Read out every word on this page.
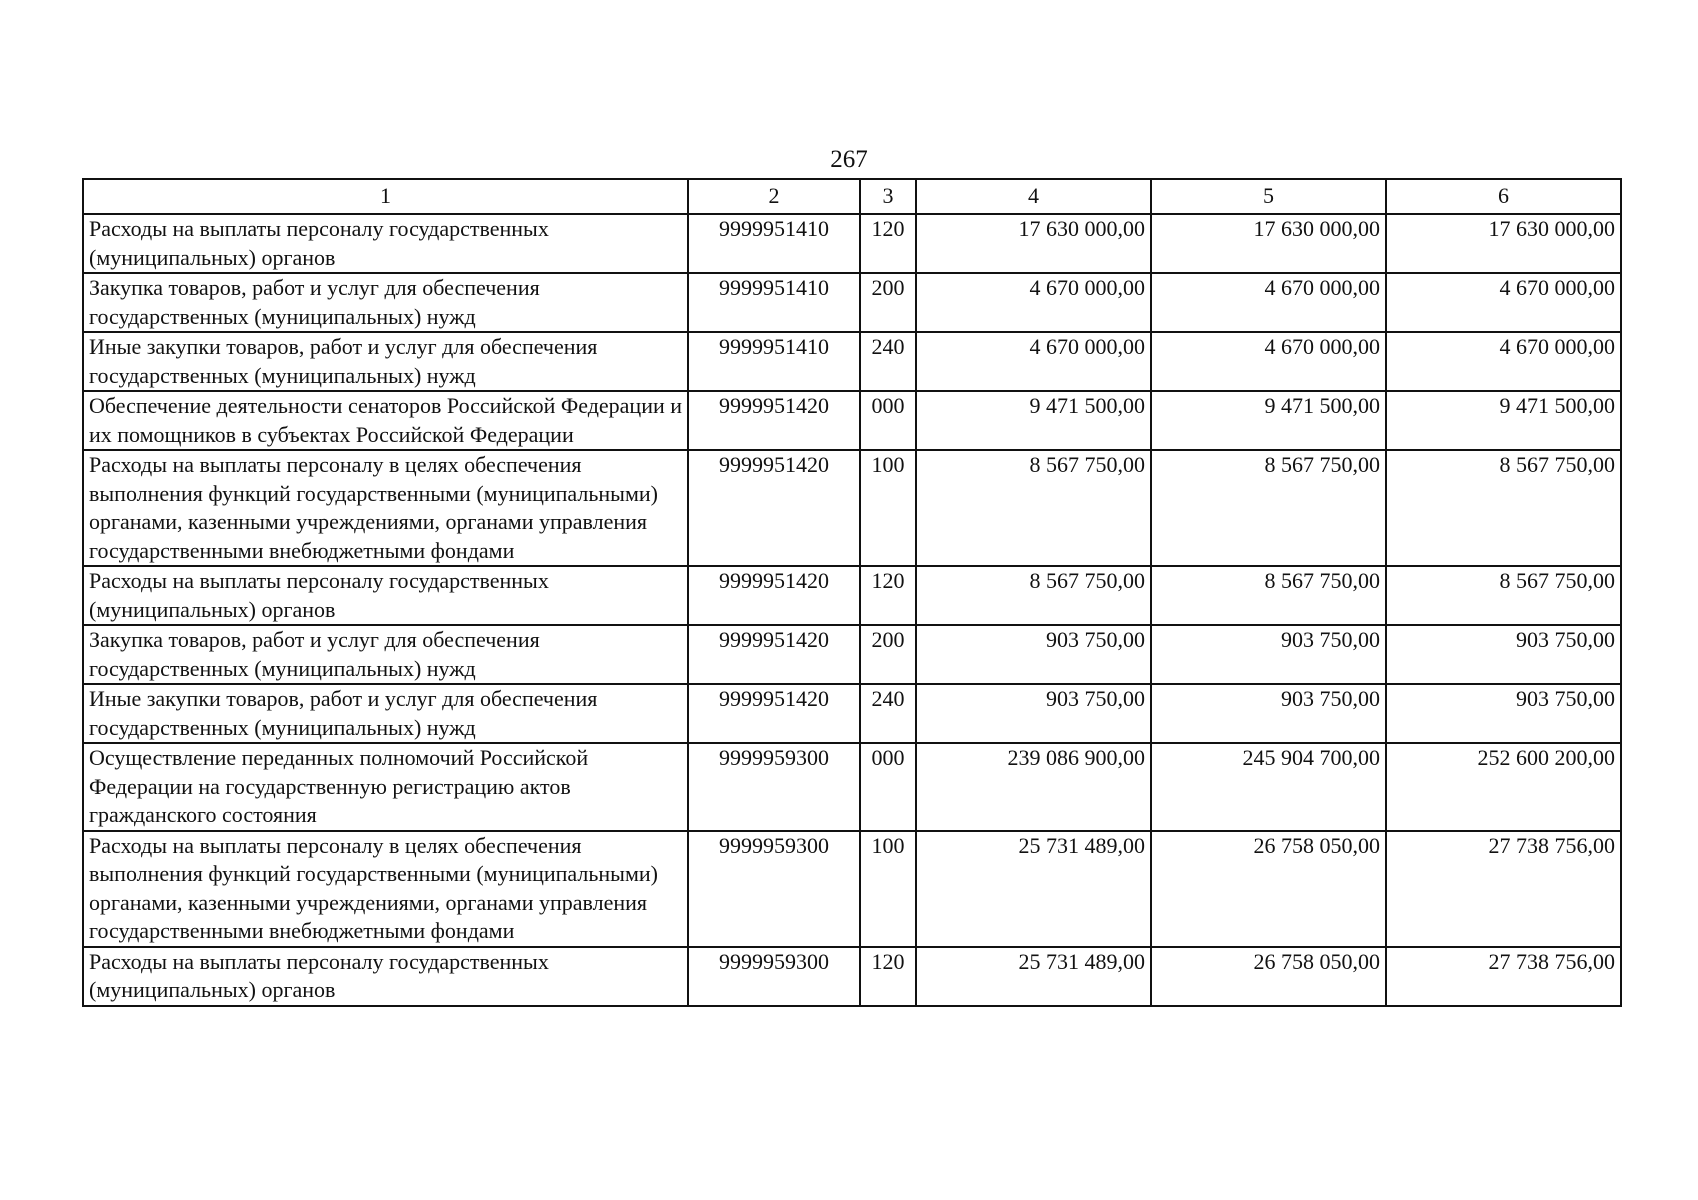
267
1	2	3	4	5	6
Расходы на выплаты персоналу государственных (муниципальных) органов	9999951410	120	17 630 000,00	17 630 000,00	17 630 000,00
Закупка товаров, работ и услуг для обеспечения государственных (муниципальных) нужд	9999951410	200	4 670 000,00	4 670 000,00	4 670 000,00
Иные закупки товаров, работ и услуг для обеспечения государственных (муниципальных) нужд	9999951410	240	4 670 000,00	4 670 000,00	4 670 000,00
Обеспечение деятельности сенаторов Российской Федерации и их помощников в субъектах Российской Федерации	9999951420	000	9 471 500,00	9 471 500,00	9 471 500,00
Расходы на выплаты персоналу в целях обеспечения выполнения функций государственными (муниципальными) органами, казенными учреждениями, органами управления государственными внебюджетными фондами	9999951420	100	8 567 750,00	8 567 750,00	8 567 750,00
Расходы на выплаты персоналу государственных (муниципальных) органов	9999951420	120	8 567 750,00	8 567 750,00	8 567 750,00
Закупка товаров, работ и услуг для обеспечения государственных (муниципальных) нужд	9999951420	200	903 750,00	903 750,00	903 750,00
Иные закупки товаров, работ и услуг для обеспечения государственных (муниципальных) нужд	9999951420	240	903 750,00	903 750,00	903 750,00
Осуществление переданных полномочий Российской Федерации на государственную регистрацию актов гражданского состояния	9999959300	000	239 086 900,00	245 904 700,00	252 600 200,00
Расходы на выплаты персоналу в целях обеспечения выполнения функций государственными (муниципальными) органами, казенными учреждениями, органами управления государственными внебюджетными фондами	9999959300	100	25 731 489,00	26 758 050,00	27 738 756,00
Расходы на выплаты персоналу государственных (муниципальных) органов	9999959300	120	25 731 489,00	26 758 050,00	27 738 756,00
